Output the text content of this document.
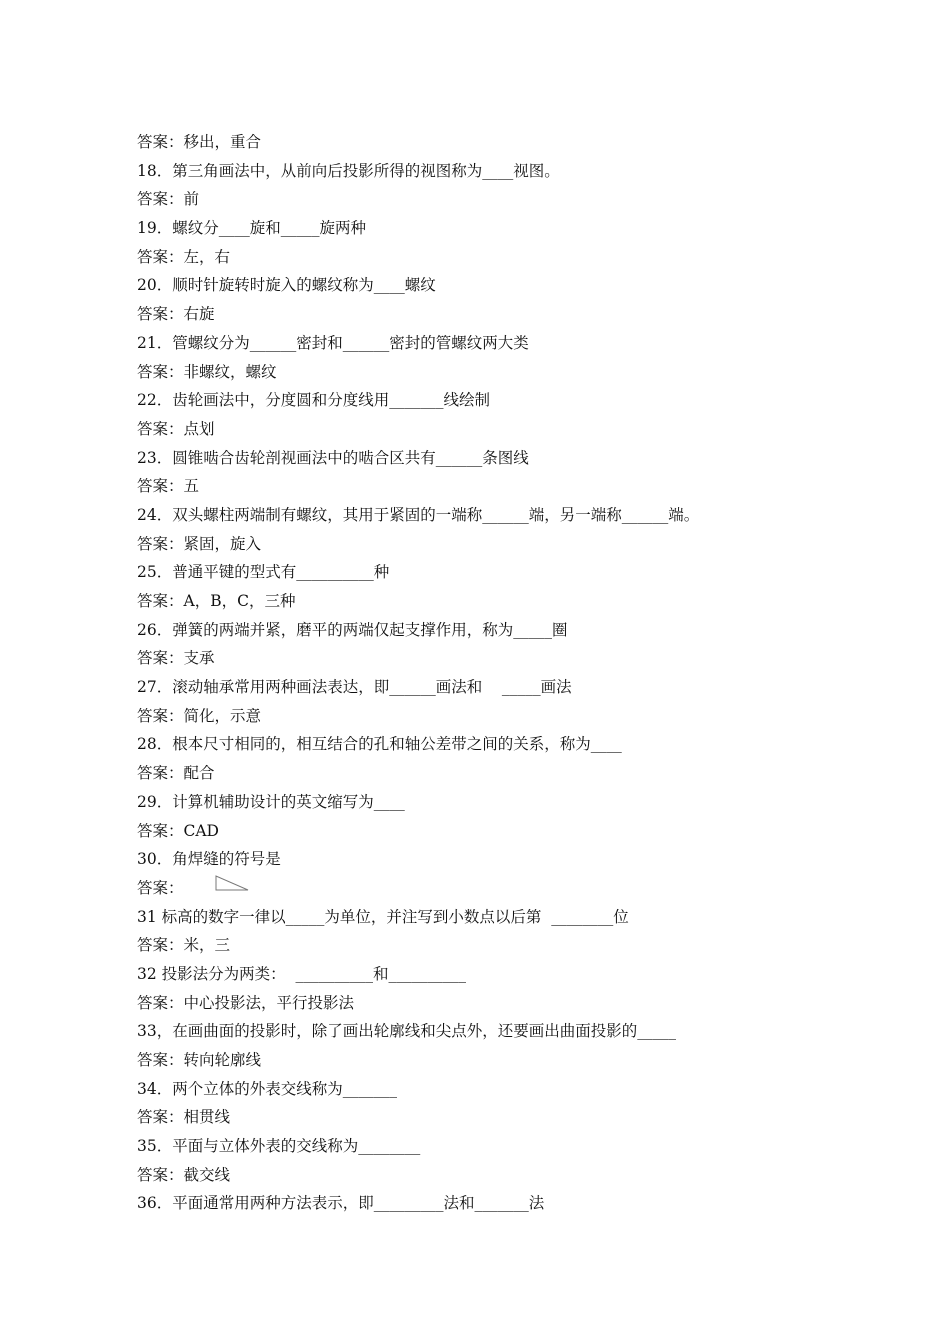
答案：移出，重合
18．第三角画法中，从前向后投影所得的视图称为____视图。
答案：前
19．螺纹分____旋和_____旋两种
答案：左，右
20．顺时针旋转时旋入的螺纹称为____螺纹
答案：右旋
21．管螺纹分为______密封和______密封的管螺纹两大类
答案：非螺纹，螺纹
22．齿轮画法中，分度圆和分度线用_______线绘制
答案：点划
23．圆锥啮合齿轮剖视画法中的啮合区共有______条图线
答案：五
24．双头螺柱两端制有螺纹，其用于紧固的一端称______端，另一端称______端。
答案：紧固，旋入
25．普通平键的型式有__________种
答案：A，B，C，三种
26．弹簧的两端并紧，磨平的两端仅起支撑作用，称为_____圈
答案：支承
27．滚动轴承常用两种画法表达，即______画法和    _____画法
答案：简化，示意
28．根本尺寸相同的，相互结合的孔和轴公差带之间的关系，称为____
答案：配合
29．计算机辅助设计的英文缩写为____
答案：CAD
30．角焊缝的符号是
答案：
31 标高的数字一律以_____为单位，并注写到小数点以后第  ________位
答案：米，三
32 投影法分为两类：  __________和__________
答案：中心投影法，平行投影法
33，在画曲面的投影时，除了画出轮廓线和尖点外，还要画出曲面投影的_____
答案：转向轮廓线
34．两个立体的外表交线称为_______
答案：相贯线
35．平面与立体外表的交线称为________
答案：截交线
36．平面通常用两种方法表示，即_________法和_______法
